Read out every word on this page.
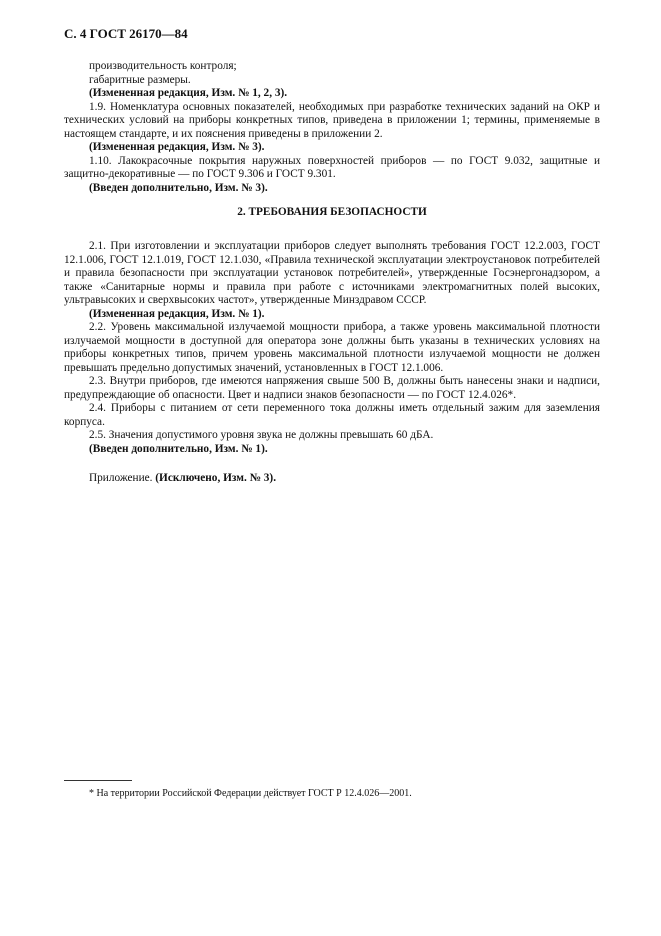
С. 4 ГОСТ 26170—84

производительность контроля;

габаритные размеры.

(Измененная редакция, Изм. № 1, 2, 3).

1.9. Номенклатура основных показателей, необходимых при разработке технических заданий на ОКР и технических условий на приборы конкретных типов, приведена в приложении 1; термины, применяемые в настоящем стандарте, и их пояснения приведены в приложении 2.

(Измененная редакция, Изм. № 3).

1.10. Лакокрасочные покрытия наружных поверхностей приборов — по ГОСТ 9.032, защитные и защитно-декоративные — по ГОСТ 9.306 и ГОСТ 9.301.

(Введен дополнительно, Изм. № 3).

2. ТРЕБОВАНИЯ БЕЗОПАСНОСТИ

2.1. При изготовлении и эксплуатации приборов следует выполнять требования ГОСТ 12.2.003, ГОСТ 12.1.006, ГОСТ 12.1.019, ГОСТ 12.1.030, «Правила технической эксплуатации электроустановок потребителей и правила безопасности при эксплуатации установок потребителей», утвержденные Госэнергонадзором, а также «Санитарные нормы и правила при работе с источниками электромагнитных полей высоких, ультравысоких и сверхвысоких частот», утвержденные Минздравом СССР.

(Измененная редакция, Изм. № 1).

2.2. Уровень максимальной излучаемой мощности прибора, а также уровень максимальной плотности излучаемой мощности в доступной для оператора зоне должны быть указаны в технических условиях на приборы конкретных типов, причем уровень максимальной плотности излучаемой мощности не должен превышать предельно допустимых значений, установленных в ГОСТ 12.1.006.

2.3. Внутри приборов, где имеются напряжения свыше 500 В, должны быть нанесены знаки и надписи, предупреждающие об опасности. Цвет и надписи знаков безопасности — по ГОСТ 12.4.026*.

2.4. Приборы с питанием от сети переменного тока должны иметь отдельный зажим для заземления корпуса.

2.5. Значения допустимого уровня звука не должны превышать 60 дБА.

(Введен дополнительно, Изм. № 1).

Приложение. (Исключено, Изм. № 3).
* На территории Российской Федерации действует ГОСТ Р 12.4.026—2001.
